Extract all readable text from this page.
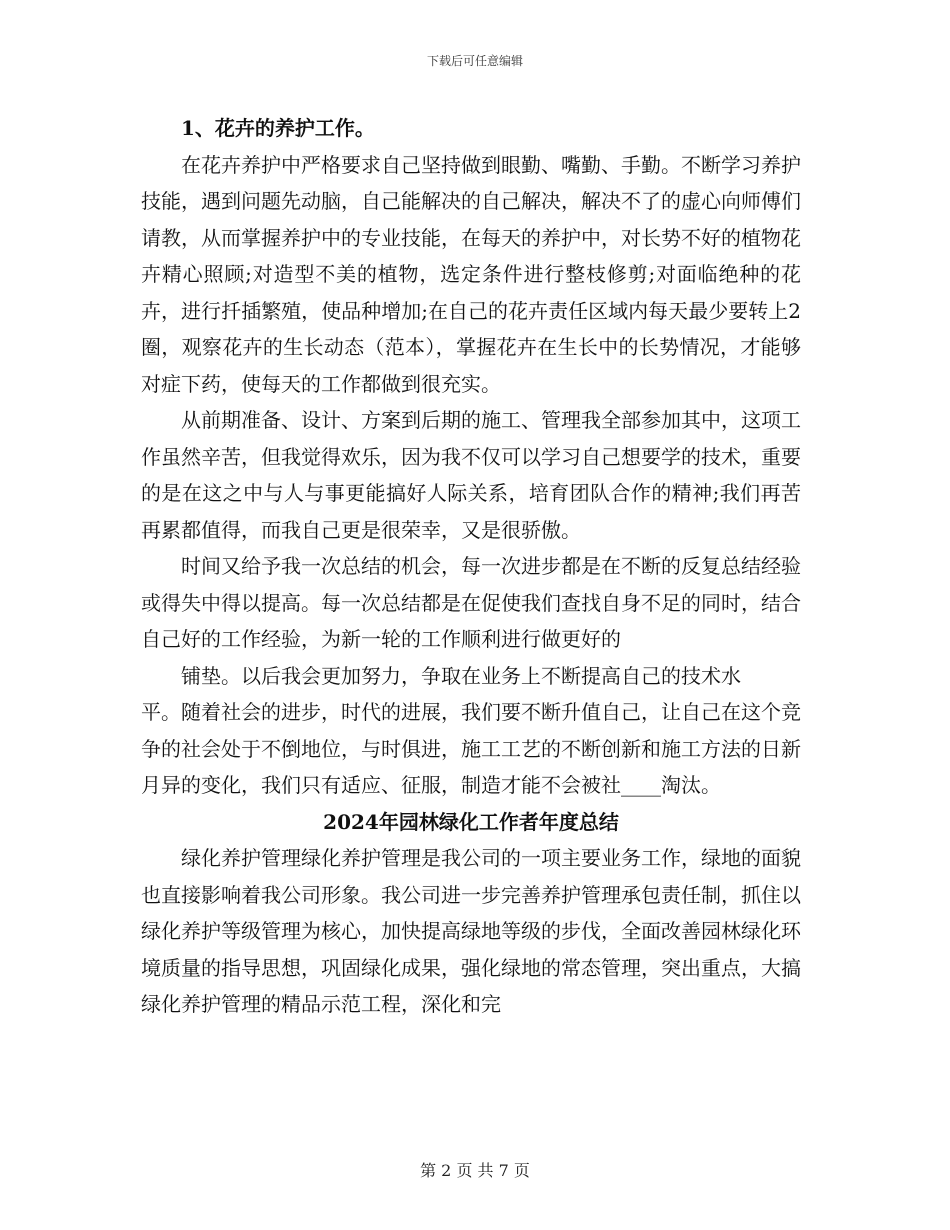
下载后可任意编辑

1、花卉的养护工作。

在花卉养护中严格要求自己坚持做到眼勤、嘴勤、手勤。不断学习养护技能，遇到问题先动脑，自己能解决的自己解决，解决不了的虚心向师傅们请教，从而掌握养护中的专业技能，在每天的养护中，对长势不好的植物花卉精心照顾;对造型不美的植物，选定条件进行整枝修剪;对面临绝种的花卉，进行扦插繁殖，使品种增加;在自己的花卉责任区域内每天最少要转上2圈，观察花卉的生长动态（范本），掌握花卉在生长中的长势情况，才能够对症下药，使每天的工作都做到很充实。

从前期准备、设计、方案到后期的施工、管理我全部参加其中，这项工作虽然辛苦，但我觉得欢乐，因为我不仅可以学习自己想要学的技术，重要的是在这之中与人与事更能搞好人际关系，培育团队合作的精神;我们再苦再累都值得，而我自己更是很荣幸，又是很骄傲。

时间又给予我一次总结的机会，每一次进步都是在不断的反复总结经验或得失中得以提高。每一次总结都是在促使我们查找自身不足的同时，结合自己好的工作经验，为新一轮的工作顺利进行做更好的

铺垫。以后我会更加努力，争取在业务上不断提高自己的技术水
平。随着社会的进步，时代的进展，我们要不断升值自己，让自己在这个竞争的社会处于不倒地位，与时俱进，施工工艺的不断创新和施工方法的日新月异的变化，我们只有适应、征服，制造才能不会被社____淘汰。

2024年园林绿化工作者年度总结

绿化养护管理绿化养护管理是我公司的一项主要业务工作，绿地的面貌也直接影响着我公司形象。我公司进一步完善养护管理承包责任制，抓住以绿化养护等级管理为核心，加快提高绿地等级的步伐，全面改善园林绿化环境质量的指导思想，巩固绿化成果，强化绿地的常态管理，突出重点，大搞绿化养护管理的精品示范工程，深化和完

第 2 页 共 7 页
